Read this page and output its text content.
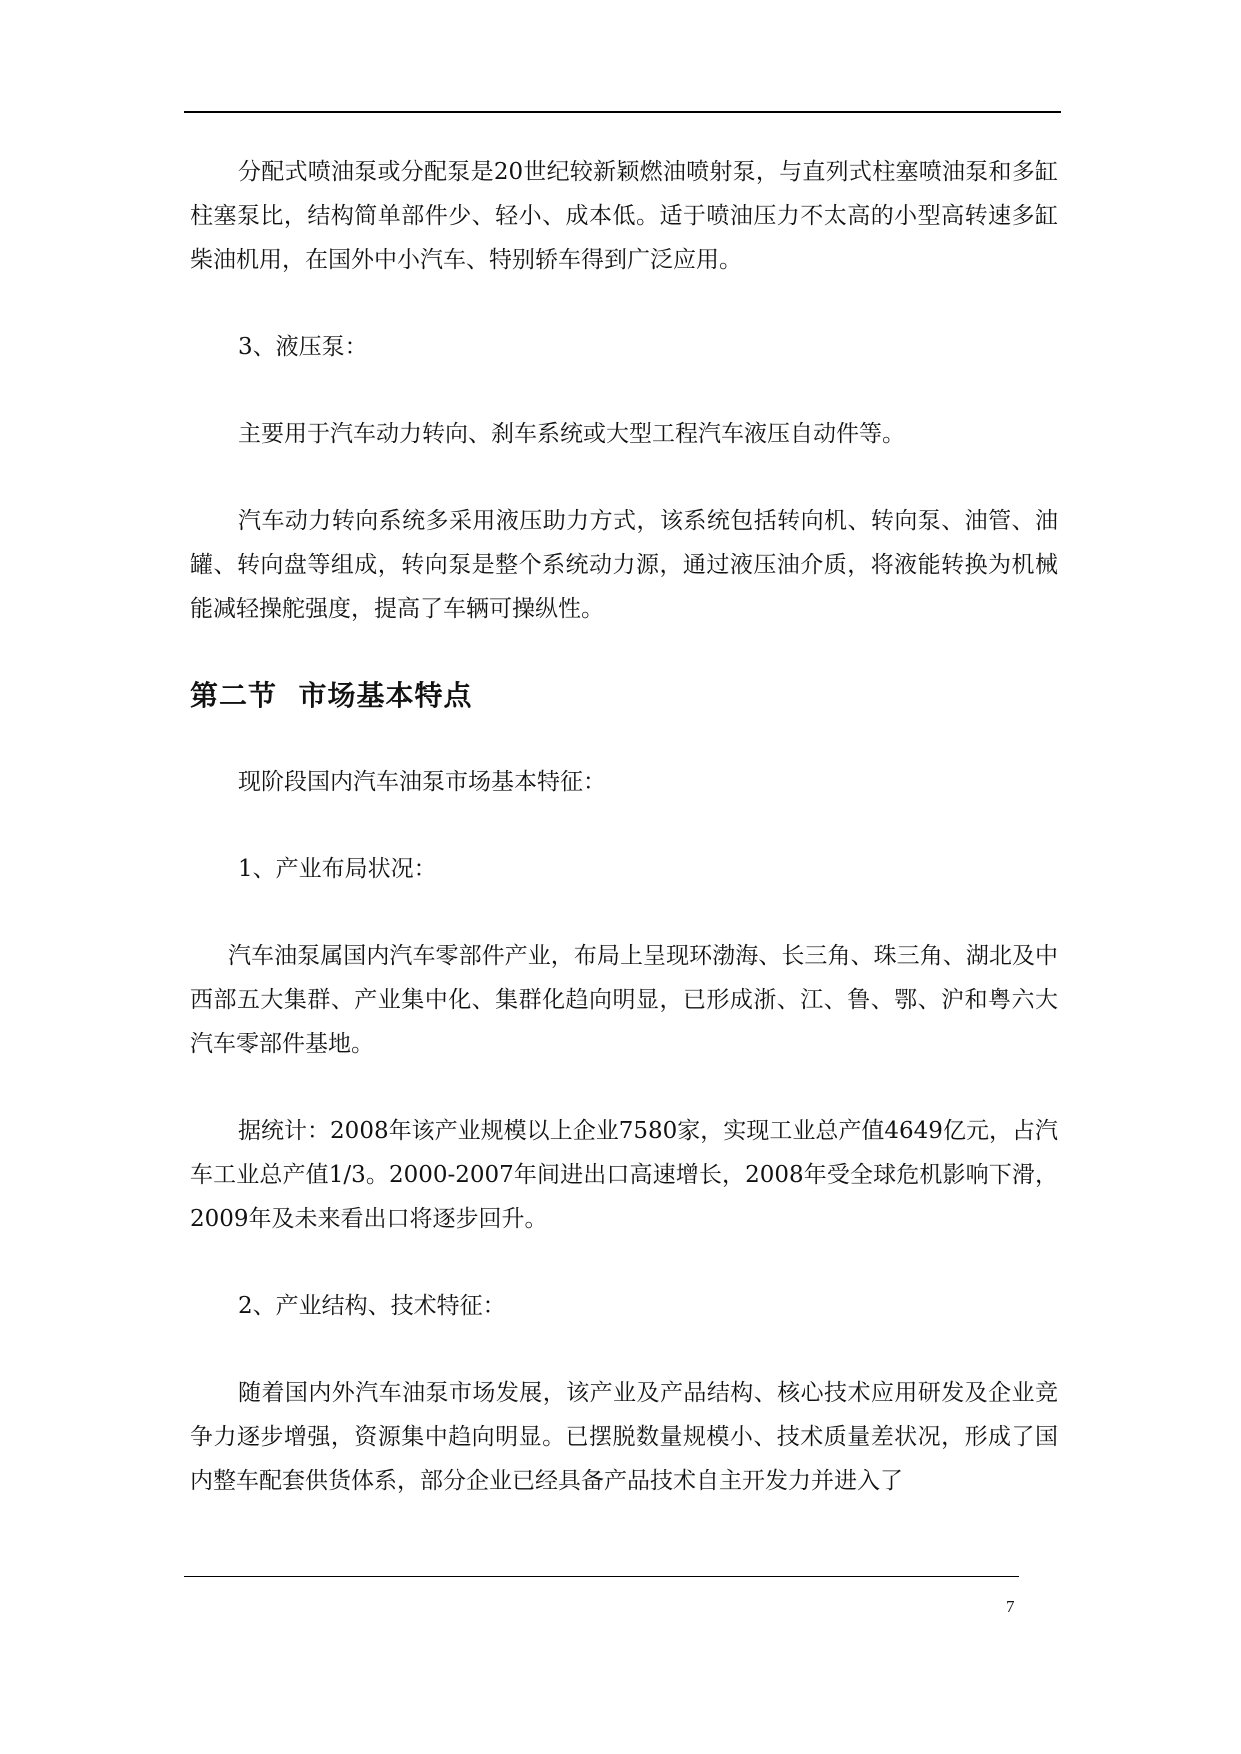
分配式喷油泵或分配泵是20世纪较新颖燃油喷射泵，与直列式柱塞喷油泵和多缸柱塞泵比，结构简单部件少、轻小、成本低。适于喷油压力不太高的小型高转速多缸柴油机用，在国外中小汽车、特别轿车得到广泛应用。

3、液压泵：

主要用于汽车动力转向、刹车系统或大型工程汽车液压自动件等。

汽车动力转向系统多采用液压助力方式，该系统包括转向机、转向泵、油管、油罐、转向盘等组成，转向泵是整个系统动力源，通过液压油介质，将液能转换为机械能减轻操舵强度，提高了车辆可操纵性。

第二节  市场基本特点

现阶段国内汽车油泵市场基本特征：

1、产业布局状况：

汽车油泵属国内汽车零部件产业，布局上呈现环渤海、长三角、珠三角、湖北及中西部五大集群、产业集中化、集群化趋向明显，已形成浙、江、鲁、鄂、沪和粤六大汽车零部件基地。

据统计：2008年该产业规模以上企业7580家，实现工业总产值4649亿元，占汽车工业总产值1/3。2000-2007年间进出口高速增长，2008年受全球危机影响下滑，2009年及未来看出口将逐步回升。

2、产业结构、技术特征：

随着国内外汽车油泵市场发展，该产业及产品结构、核心技术应用研发及企业竞争力逐步增强，资源集中趋向明显。已摆脱数量规模小、技术质量差状况，形成了国内整车配套供货体系，部分企业已经具备产品技术自主开发力并进入了

7
